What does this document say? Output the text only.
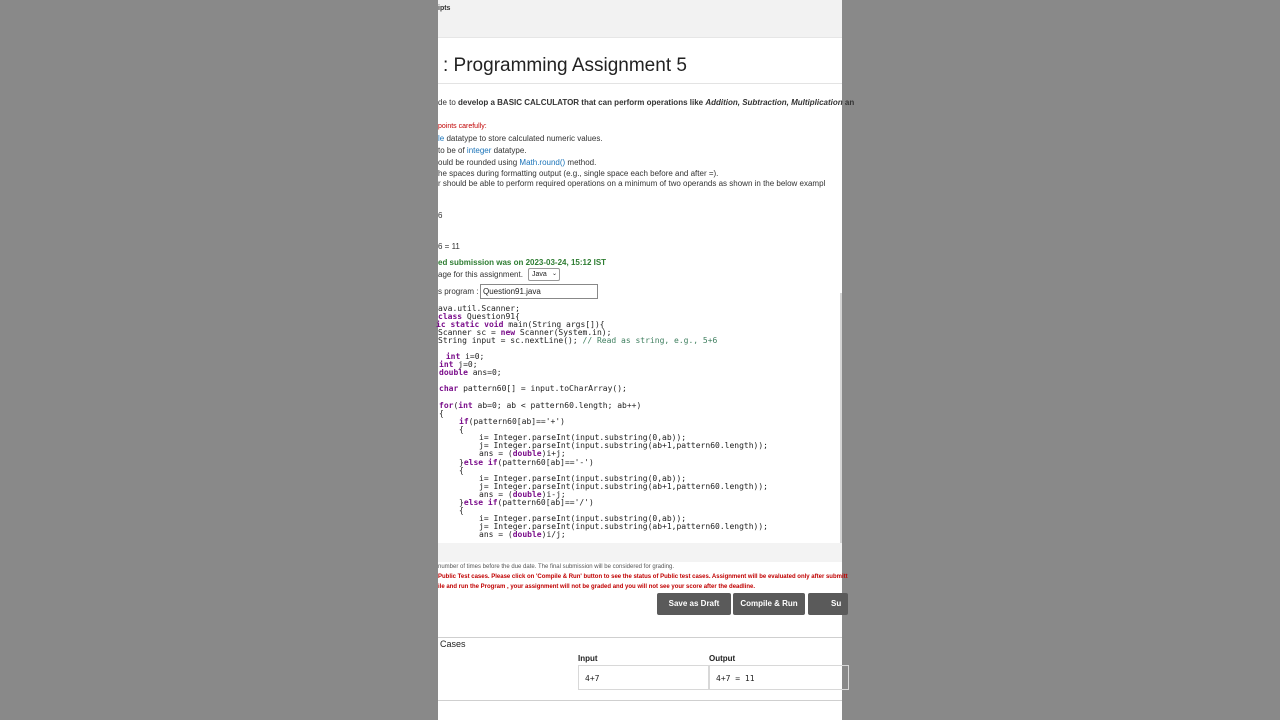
ipts
: Programming Assignment 5
de to develop a BASIC CALCULATOR that can perform operations like Addition, Subtraction, Multiplication an
points carefully:
le datatype to store calculated numeric values.
to be of integer datatype.
ould be rounded using Math.round() method.
he spaces during formatting output (e.g., single space each before and after =).
r should be able to perform required operations on a minimum of two operands as shown in the below exampl
6
6 = 11
ed submission was on 2023-03-24, 15:12 IST
age for this assignment.	Java ⌄
s program : Question91.java
ava.util.Scanner;
class Question91{
ic static void main(String args[]){
Scanner sc = new Scanner(System.in);
String input = sc.nextLine(); // Read as string, e.g., 5+6
int i=0;
int j=0;
double ans=0;
char pattern60[] = input.toCharArray();
for(int ab=0; ab < pattern60.length; ab++)
{
if(pattern60[ab]=='+')
{
i= Integer.parseInt(input.substring(0,ab));
j= Integer.parseInt(input.substring(ab+1,pattern60.length));
ans = (double)i+j;
}else if(pattern60[ab]=='-')
{
i= Integer.parseInt(input.substring(0,ab));
j= Integer.parseInt(input.substring(ab+1,pattern60.length));
ans = (double)i-j;
}else if(pattern60[ab]=='/')
{
i= Integer.parseInt(input.substring(0,ab));
j= Integer.parseInt(input.substring(ab+1,pattern60.length));
ans = (double)i/j;
number of times before the due date. The final submission will be considered for grading.
Public Test cases. Please click on 'Compile & Run' button to see the status of Public test cases. Assignment will be evaluated only after submitt
ile and run the Program , your assignment will not be graded and you will not see your score after the deadline.
Save as Draft	Compile & Run	Su
Cases
Input	Output
4+7	4+7 = 11
